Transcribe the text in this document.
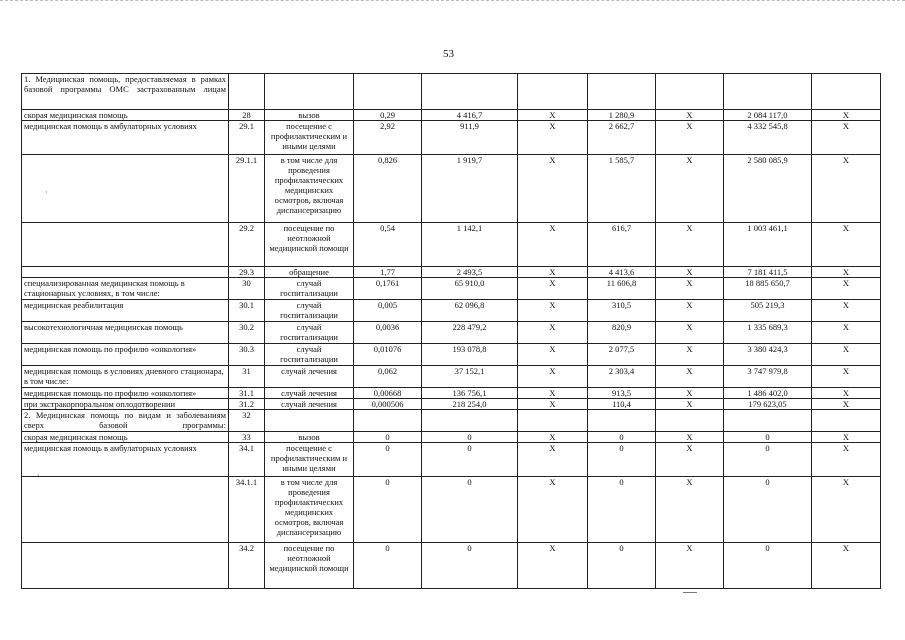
53
1. Медицинская помощь, предоставляемая в рамках базовой программы ОМС застрахованным лицам									
скорая медицинская помощь	28	вызов	0,29	4 416,7	Х	1 280,9	Х	2 084 117,0	Х
медицинская помощь в амбулаторных условиях	29.1	посещение с профилактическим и иными целями	2,92	911,9	Х	2 662,7	Х	4 332 545,8	Х
	29.1.1	в том числе для проведения профилактических медицинских осмотров, включая диспансеризацию	0,826	1 919,7	Х	1 585,7	Х	2 580 085,9	Х
	29.2	посещение по неотложной медицинской помощи	0,54	1 142,1	Х	616,7	Х	1 003 461,1	Х
	29.3	обращение	1,77	2 493,5	Х	4 413,6	Х	7 181 411,5	Х
специализированная медицинская помощь в стационарных условиях, в том числе:	30	случай госпитализации	0,1761	65 910,0	Х	11 606,8	Х	18 885 650,7	Х
медицинская реабилитация	30.1	случай госпитализации	0,005	62 096,8	Х	310,5	Х	505 219,3	Х
высокотехнологичная медицинская помощь	30.2	случай госпитализации	0,0036	228 479,2	Х	820,9	Х	1 335 689,3	Х
медицинская помощь по профилю «онкология»	30.3	случай госпитализации	0,01076	193 078,8	Х	2 077,5	Х	3 380 424,3	Х
медицинская помощь в условиях дневного стационара, в том числе:	31	случай лечения	0,062	37 152,1	Х	2 303,4	Х	3 747 979,8	Х
медицинская помощь по профилю «онкология»	31.1	случай лечения	0,00668	136 756,1	Х	913,5	Х	1 486 402,0	Х
при экстракорпоральном оплодотворении	31.2	случай лечения	0,000506	218 254,0	Х	110,4	Х	179 623,05	Х
2. Медицинская помощь по видам и заболеваниям сверх базовой программы:	32								
скорая медицинская помощь	33	вызов	0	0	Х	0	Х	0	Х
медицинская помощь в амбулаторных условиях	34.1	посещение с профилактическим и иными целями	0	0	Х	0	Х	0	Х
	34.1.1	в том числе для проведения профилактических медицинских осмотров, включая диспансеризацию	0	0	Х	0	Х	0	Х
	34.2	посещение по неотложной медицинской помощи	0	0	Х	0	Х	0	Х
·
·
